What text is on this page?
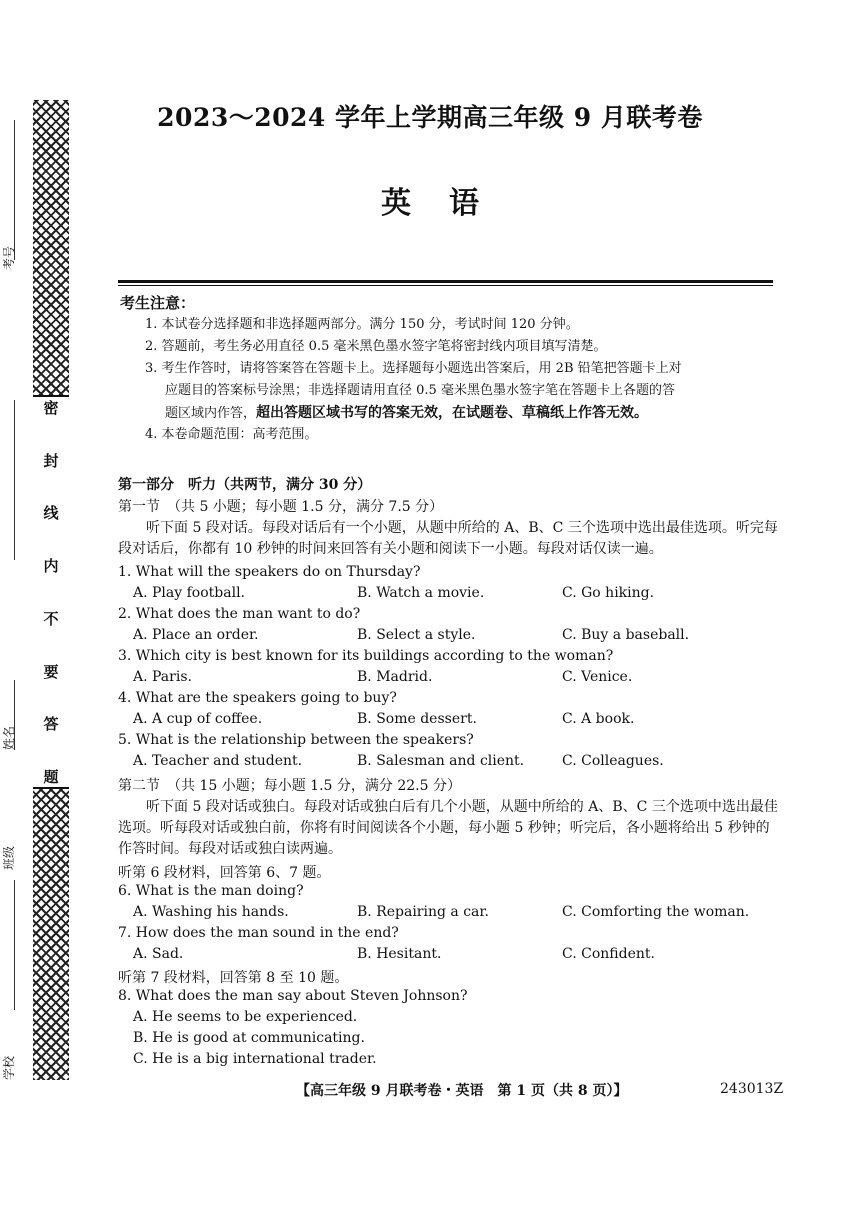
密
封
线
内
不
要
答
题
学校
班级
姓名
考号
2023～2024 学年上学期高三年级 9 月联考卷
英语
考生注意：
1. 本试卷分选择题和非选择题两部分。满分 150 分，考试时间 120 分钟。
2. 答题前，考生务必用直径 0.5 毫米黑色墨水签字笔将密封线内项目填写清楚。
3. 考生作答时，请将答案答在答题卡上。选择题每小题选出答案后，用 2B 铅笔把答题卡上对
应题目的答案标号涂黑；非选择题请用直径 0.5 毫米黑色墨水签字笔在答题卡上各题的答
题区域内作答，超出答题区域书写的答案无效，在试题卷、草稿纸上作答无效。
4. 本卷命题范围：高考范围。
第一部分　听力（共两节，满分 30 分）
第一节　（共 5 小题；每小题 1.5 分，满分 7.5 分）
听下面 5 段对话。每段对话后有一个小题，从题中所给的 A、B、C 三个选项中选出最佳选项。听完每段对话后，你都有 10 秒钟的时间来回答有关小题和阅读下一小题。每段对话仅读一遍。
1. What will the speakers do on Thursday?
A. Play football.	B. Watch a movie.	C. Go hiking.
2. What does the man want to do?
A. Place an order.	B. Select a style.	C. Buy a baseball.
3. Which city is best known for its buildings according to the woman?
A. Paris.	B. Madrid.	C. Venice.
4. What are the speakers going to buy?
A. A cup of coffee.	B. Some dessert.	C. A book.
5. What is the relationship between the speakers?
A. Teacher and student.	B. Salesman and client.	C. Colleagues.
第二节　（共 15 小题；每小题 1.5 分，满分 22.5 分）
听下面 5 段对话或独白。每段对话或独白后有几个小题，从题中所给的 A、B、C 三个选项中选出最佳选项。听每段对话或独白前，你将有时间阅读各个小题，每小题 5 秒钟；听完后，各小题将给出 5 秒钟的作答时间。每段对话或独白读两遍。
听第 6 段材料，回答第 6、7 题。
6. What is the man doing?
A. Washing his hands.	B. Repairing a car.	C. Comforting the woman.
7. How does the man sound in the end?
A. Sad.	B. Hesitant.	C. Confident.
听第 7 段材料，回答第 8 至 10 题。
8. What does the man say about Steven Johnson?
A. He seems to be experienced.
B. He is good at communicating.
C. He is a big international trader.
【高三年级 9 月联考卷・英语　第 1 页（共 8 页）】	243013Z
